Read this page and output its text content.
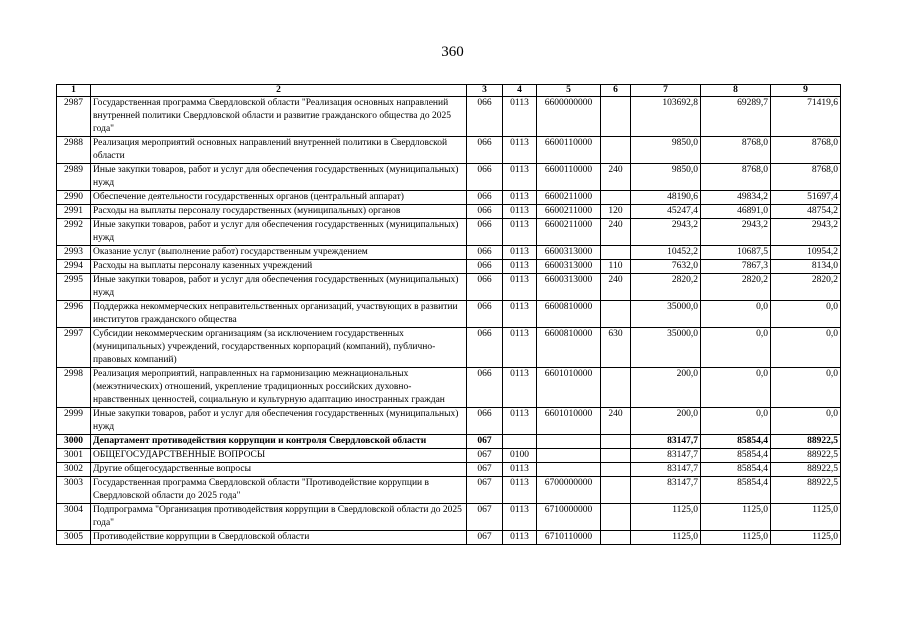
360
1	2	3	4	5	6	7	8	9
2987	Государственная программа Свердловской области "Реализация основных направлений внутренней политики Свердловской области и развитие гражданского общества до 2025 года"	066	0113	6600000000		103692,8	69289,7	71419,6
2988	Реализация мероприятий основных направлений внутренней политики в Свердловской области	066	0113	6600110000		9850,0	8768,0	8768,0
2989	Иные закупки товаров, работ и услуг для обеспечения государственных (муниципальных) нужд	066	0113	6600110000	240	9850,0	8768,0	8768,0
2990	Обеспечение деятельности государственных органов (центральный аппарат)	066	0113	6600211000		48190,6	49834,2	51697,4
2991	Расходы на выплаты персоналу государственных (муниципальных) органов	066	0113	6600211000	120	45247,4	46891,0	48754,2
2992	Иные закупки товаров, работ и услуг для обеспечения государственных (муниципальных) нужд	066	0113	6600211000	240	2943,2	2943,2	2943,2
2993	Оказание услуг (выполнение работ) государственным учреждением	066	0113	6600313000		10452,2	10687,5	10954,2
2994	Расходы на выплаты персоналу казенных учреждений	066	0113	6600313000	110	7632,0	7867,3	8134,0
2995	Иные закупки товаров, работ и услуг для обеспечения государственных (муниципальных) нужд	066	0113	6600313000	240	2820,2	2820,2	2820,2
2996	Поддержка некоммерческих неправительственных организаций, участвующих в развитии институтов гражданского общества	066	0113	6600810000		35000,0	0,0	0,0
2997	Субсидии некоммерческим организациям (за исключением государственных (муниципальных) учреждений, государственных корпораций (компаний), публично-правовых компаний)	066	0113	6600810000	630	35000,0	0,0	0,0
2998	Реализация мероприятий, направленных на гармонизацию межнациональных (межэтнических) отношений, укрепление традиционных российских духовно-нравственных ценностей, социальную и культурную адаптацию иностранных граждан	066	0113	6601010000		200,0	0,0	0,0
2999	Иные закупки товаров, работ и услуг для обеспечения государственных (муниципальных) нужд	066	0113	6601010000	240	200,0	0,0	0,0
3000	Департамент противодействия коррупции и контроля Свердловской области	067				83147,7	85854,4	88922,5
3001	ОБЩЕГОСУДАРСТВЕННЫЕ ВОПРОСЫ	067	0100			83147,7	85854,4	88922,5
3002	Другие общегосударственные вопросы	067	0113			83147,7	85854,4	88922,5
3003	Государственная программа Свердловской области "Противодействие коррупции в Свердловской области до 2025 года"	067	0113	6700000000		83147,7	85854,4	88922,5
3004	Подпрограмма "Организация противодействия коррупции в Свердловской области до 2025 года"	067	0113	6710000000		1125,0	1125,0	1125,0
3005	Противодействие коррупции в Свердловской области	067	0113	6710110000		1125,0	1125,0	1125,0
